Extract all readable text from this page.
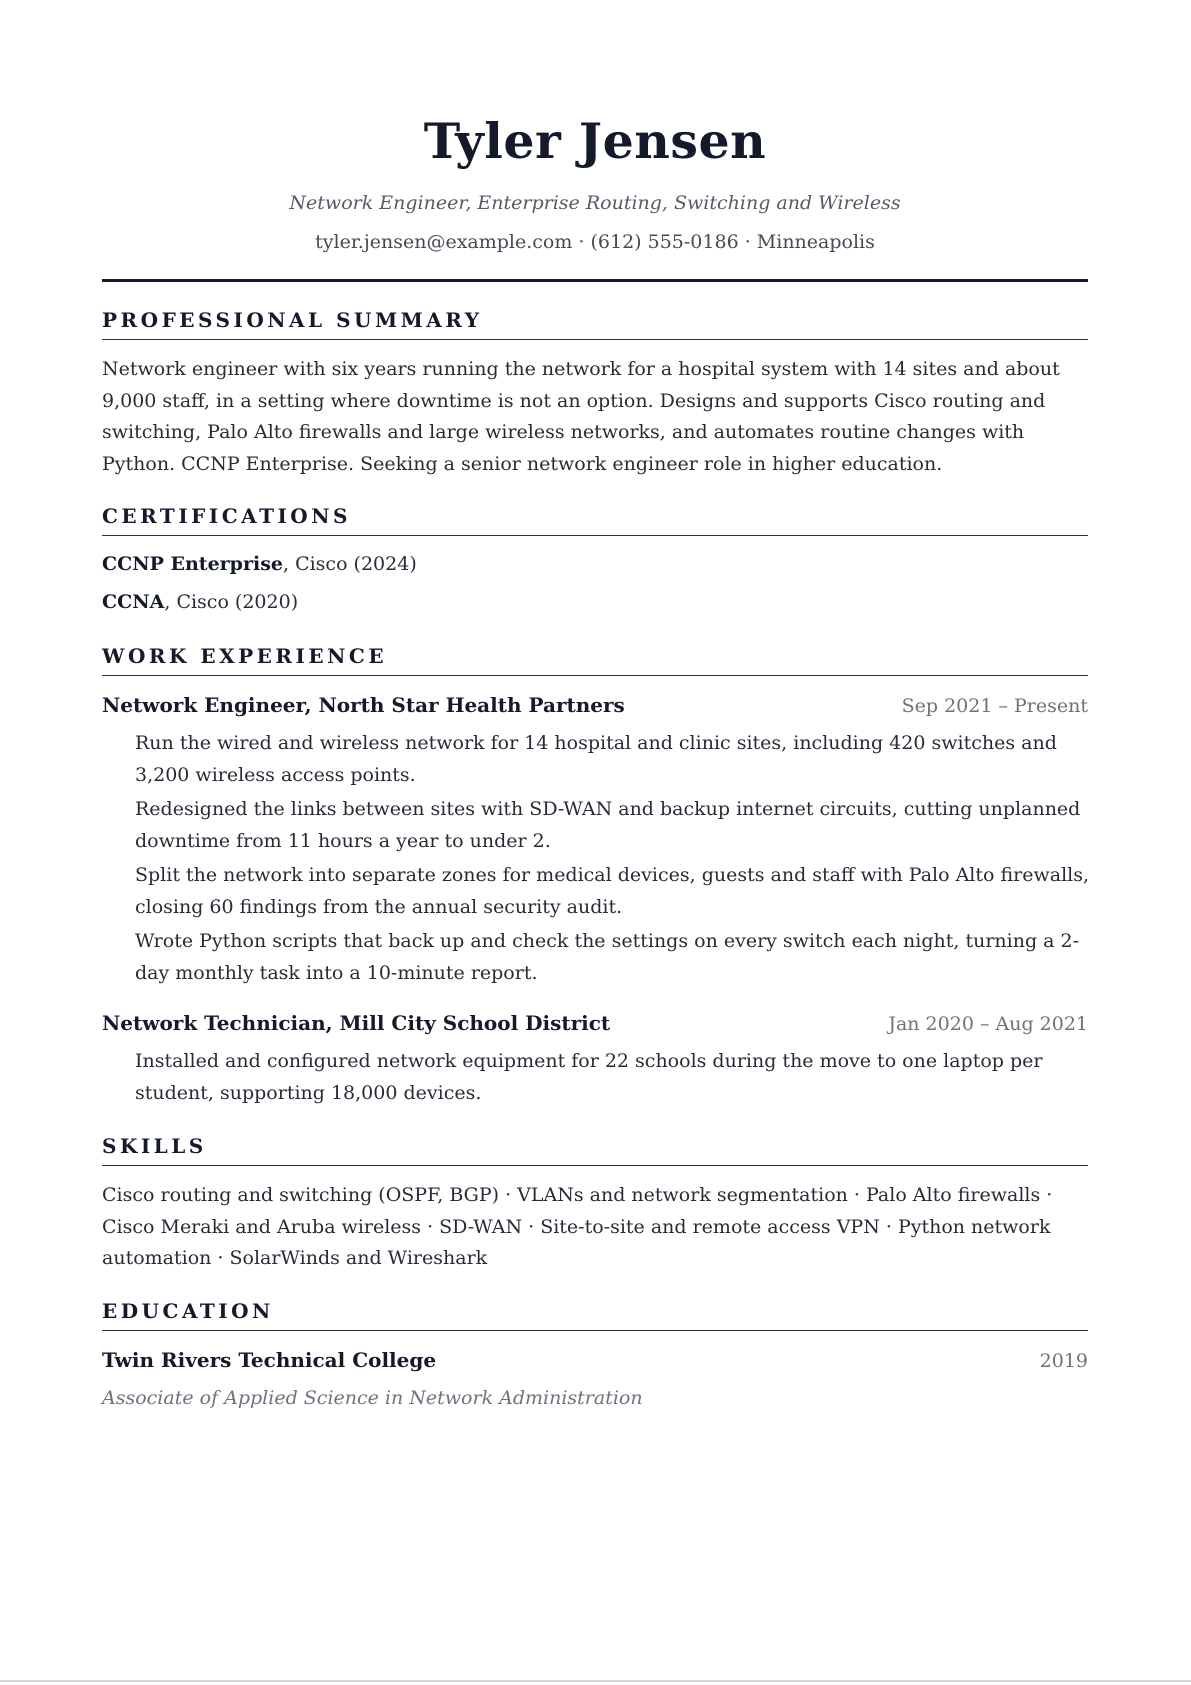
Tyler Jensen
Network Engineer, Enterprise Routing, Switching and Wireless
tyler.jensen@example.com · (612) 555-0186 · Minneapolis
PROFESSIONAL SUMMARY
Network engineer with six years running the network for a hospital system with 14 sites and about 9,000 staff, in a setting where downtime is not an option. Designs and supports Cisco routing and switching, Palo Alto firewalls and large wireless networks, and automates routine changes with Python. CCNP Enterprise. Seeking a senior network engineer role in higher education.
CERTIFICATIONS
CCNP Enterprise, Cisco (2024)
CCNA, Cisco (2020)
WORK EXPERIENCE
Network Engineer, North Star Health Partners	Sep 2021 – Present
Run the wired and wireless network for 14 hospital and clinic sites, including 420 switches and 3,200 wireless access points.
Redesigned the links between sites with SD-WAN and backup internet circuits, cutting unplanned downtime from 11 hours a year to under 2.
Split the network into separate zones for medical devices, guests and staff with Palo Alto firewalls, closing 60 findings from the annual security audit.
Wrote Python scripts that back up and check the settings on every switch each night, turning a 2-day monthly task into a 10-minute report.
Network Technician, Mill City School District	Jan 2020 – Aug 2021
Installed and configured network equipment for 22 schools during the move to one laptop per student, supporting 18,000 devices.
SKILLS
Cisco routing and switching (OSPF, BGP) · VLANs and network segmentation · Palo Alto firewalls · Cisco Meraki and Aruba wireless · SD-WAN · Site-to-site and remote access VPN · Python network automation · SolarWinds and Wireshark
EDUCATION
Twin Rivers Technical College	2019
Associate of Applied Science in Network Administration
